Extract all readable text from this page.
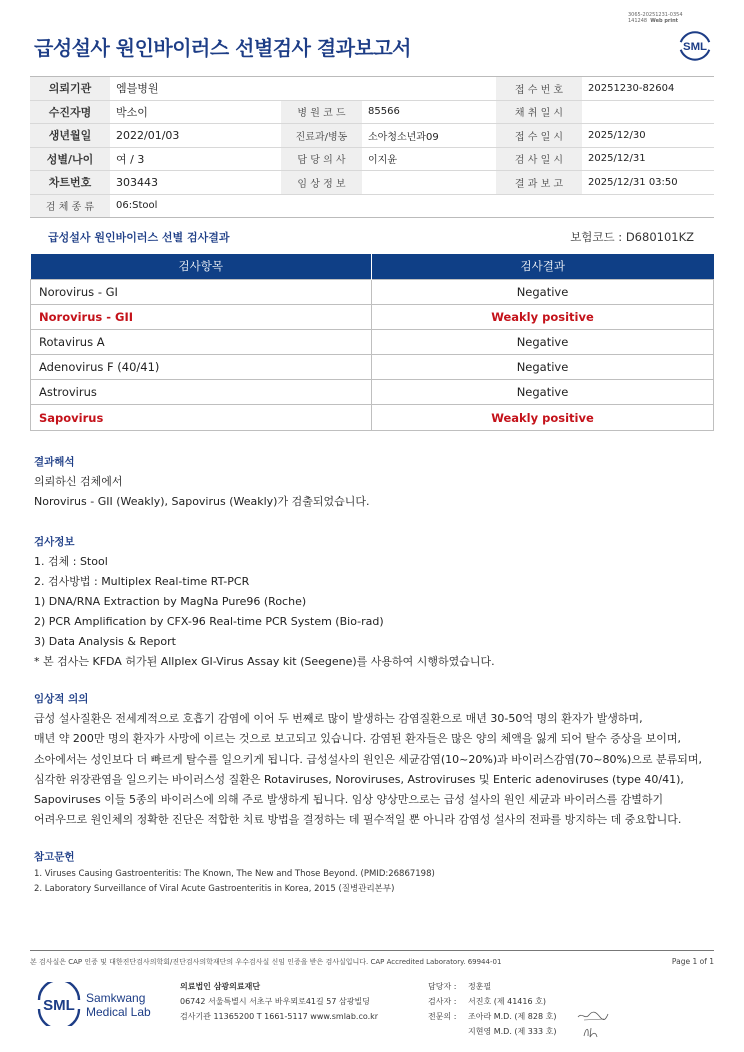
3065-20251231-0354
141248 Web print
SML
급성설사 원인바이러스 선별검사 결과보고서
의뢰기관	엠블병원			접 수 번 호	20251230-82604
수진자명	박소이	병 원 코 드	85566	채 취 일 시	
생년월일	2022/01/03	진료과/병동	소아청소년과09	접 수 일 시	2025/12/30
성별/나이	여 / 3	담 당 의 사	이지윤	검 사 일 시	2025/12/31
차트번호	303443	임 상 정 보		결 과 보 고	2025/12/31 03:50
검 체 종 류	06:Stool				
급성설사 원인바이러스 선별 검사결과	보험코드 : D680101KZ
검사항목	검사결과
Norovirus - GI	Negative
Norovirus - GII	Weakly positive
Rotavirus A	Negative
Adenovirus F (40/41)	Negative
Astrovirus	Negative
Sapovirus	Weakly positive
결과해석
의뢰하신 검체에서
Norovirus - GII (Weakly), Sapovirus (Weakly)가 검출되었습니다.
검사정보
1. 검체 : Stool
2. 검사방법 : Multiplex Real-time RT-PCR
1) DNA/RNA Extraction by MagNa Pure96 (Roche)
2) PCR Amplification by CFX-96 Real-time PCR System (Bio-rad)
3) Data Analysis & Report
* 본 검사는 KFDA 허가된 Allplex GI-Virus Assay kit (Seegene)를 사용하여 시행하였습니다.
임상적 의의

급성 설사질환은 전세계적으로 호흡기 감염에 이어 두 번째로 많이 발생하는 감염질환으로 매년 30-50억 명의 환자가 발생하며,

매년 약 200만 명의 환자가 사망에 이르는 것으로 보고되고 있습니다. 감염된 환자들은 많은 양의 체액을 잃게 되어 탈수 증상을 보이며,

소아에서는 성인보다 더 빠르게 탈수를 일으키게 됩니다. 급성설사의 원인은 세균감염(10~20%)과 바이러스감염(70~80%)으로 분류되며,

심각한 위장관염을 일으키는 바이러스성 질환은 Rotaviruses, Noroviruses, Astroviruses 및 Enteric adenoviruses (type 40/41),

Sapoviruses 이들 5종의 바이러스에 의해 주로 발생하게 됩니다. 임상 양상만으로는 급성 설사의 원인 세균과 바이러스를 감별하기

어려우므로 원인체의 정확한 진단은 적합한 치료 방법을 결정하는 데 필수적일 뿐 아니라 감염성 설사의 전파를 방지하는 데 중요합니다.

참고문헌
1. Viruses Causing Gastroenteritis: The Known, The New and Those Beyond. (PMID:26867198)
2. Laboratory Surveillance of Viral Acute Gastroenteritis in Korea, 2015 (질병관리본부)
본 검사실은 CAP 인증 및 대한진단검사의학회/진단검사의학재단의 우수검사실 신임 인증을 받은 검사실입니다. CAP Accredited Laboratory. 69944-01	Page 1 of 1
SML Samkwang
Medical Lab
의료법인 삼광의료재단
06742 서울특별시 서초구 바우뫼로41길 57 삼광빌딩
검사기관 11365200 T 1661-5117 www.smlab.co.kr
담당자 :	정훈필
검사자 :	서진호 (제 41416 호)
전문의 :	조아라 M.D. (제 828 호)
지현영 M.D. (제 333 호)
